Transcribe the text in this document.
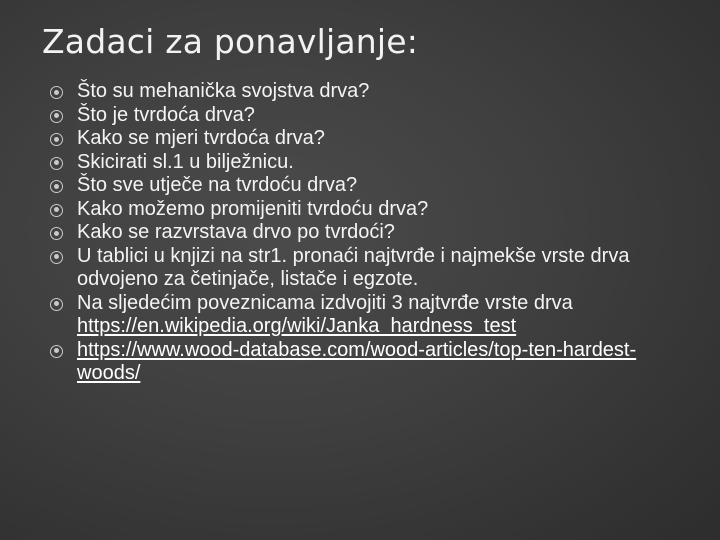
Zadaci za ponavljanje:
Što su mehanička svojstva drva?
Što je tvrdoća drva?
Kako se mjeri tvrdoća drva?
Skicirati sl.1 u bilježnicu.
Što sve utječe na tvrdoću drva?
Kako možemo promijeniti tvrdoću drva?
Kako se razvrstava drvo po tvrdoći?
U tablici u knjizi na str1. pronaći najtvrđe i najmekše vrste drva odvojeno za četinjače, listače i egzote.
Na sljedećim poveznicama izdvojiti 3 najtvrđe vrste drva
https://en.wikipedia.org/wiki/Janka_hardness_test
https://www.wood-database.com/wood-articles/top-ten-hardest-woods/
